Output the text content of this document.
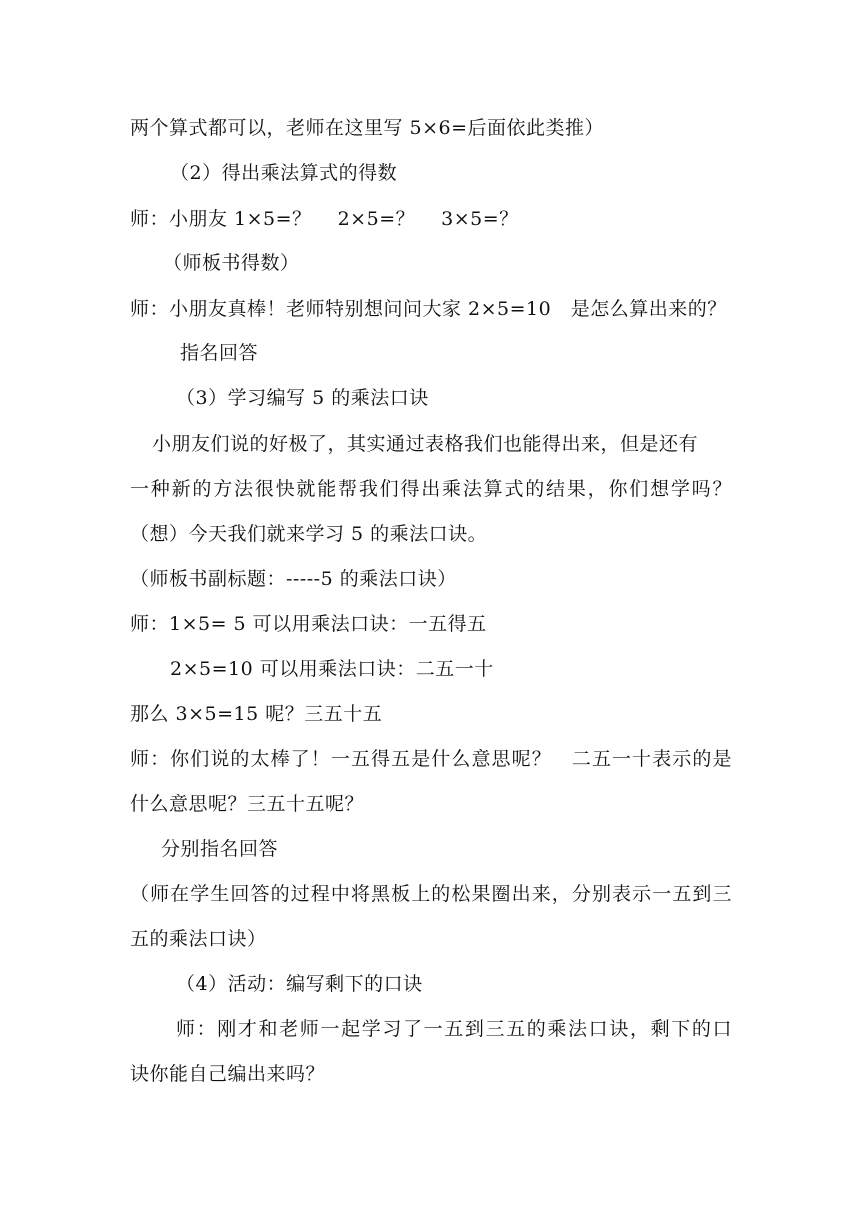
两个算式都可以，老师在这里写 5×6=后面依此类推）
（2）得出乘法算式的得数
师：小朋友 1×5=？　 2×5=？　 3×5=？
（师板书得数）
师：小朋友真棒！老师特别想问问大家 2×5=10　是怎么算出来的？
指名回答
（3）学习编写 5 的乘法口诀
小朋友们说的好极了，其实通过表格我们也能得出来，但是还有
一种新的方法很快就能帮我们得出乘法算式的结果，你们想学吗？
（想）今天我们就来学习 5 的乘法口诀。
（师板书副标题：-----5 的乘法口诀）
师：1×5= 5 可以用乘法口诀：一五得五
2×5=10 可以用乘法口诀：二五一十
那么 3×5=15 呢？三五十五
师：你们说的太棒了！一五得五是什么意思呢？　二五一十表示的是
什么意思呢？三五十五呢？
分别指名回答
（师在学生回答的过程中将黑板上的松果圈出来，分别表示一五到三
五的乘法口诀）
（4）活动：编写剩下的口诀
师：刚才和老师一起学习了一五到三五的乘法口诀，剩下的口
诀你能自己编出来吗？
